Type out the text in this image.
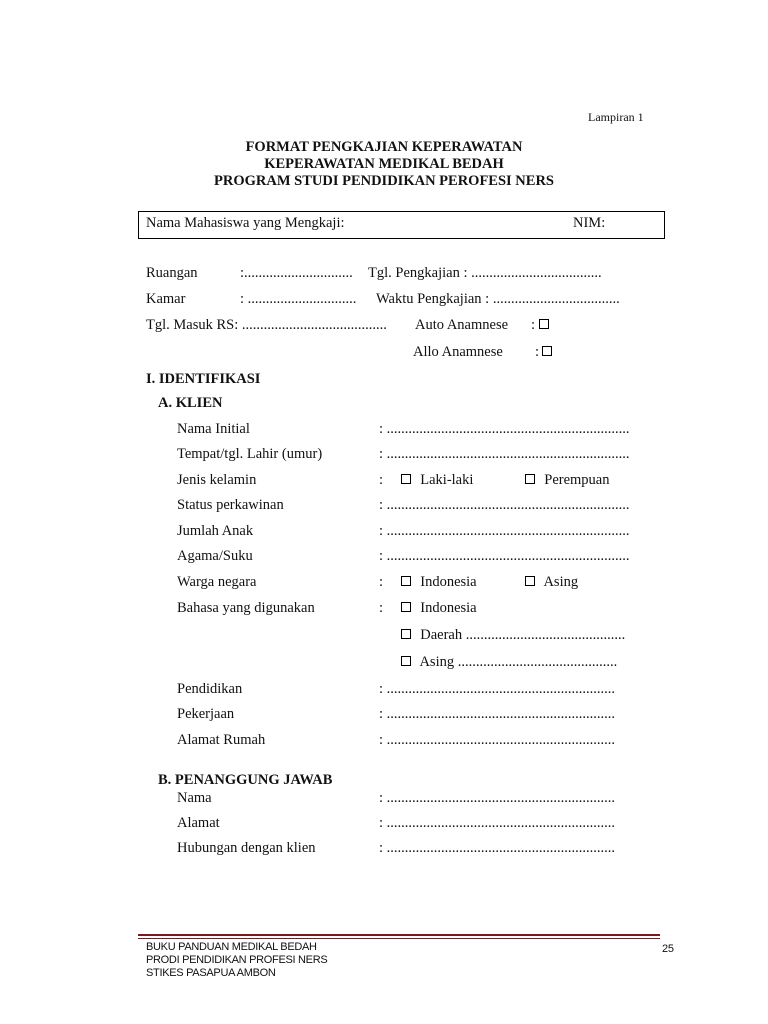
Lampiran 1
FORMAT PENGKAJIAN KEPERAWATAN
KEPERAWATAN MEDIKAL BEDAH
PROGRAM STUDI PENDIDIKAN PEROFESI NERS
Nama Mahasiswa yang Mengkaji:	NIM:
Ruangan	:.............................. Tgl. Pengkajian : ....................................
Kamar	: .............................. Waktu Pengkajian : ...................................
Tgl. Masuk RS: ........................................ Auto Anamnese :
Allo Anamnese :
I. IDENTIFIKASI
A. KLIEN
Nama Initial	: ...................................................................
Tempat/tgl. Lahir (umur)	: ...................................................................
Jenis kelamin	:	Laki-laki	Perempuan
Status perkawinan	: ...................................................................
Jumlah Anak	: ...................................................................
Agama/Suku	: ...................................................................
Warga negara	:	Indonesia	Asing
Bahasa yang digunakan	:	Indonesia
Daerah ............................................
Asing ............................................
Pendidikan	: ...............................................................
Pekerjaan	: ...............................................................
Alamat Rumah	: ...............................................................
B. PENANGGUNG JAWAB
Nama	: ...............................................................
Alamat	: ...............................................................
Hubungan dengan klien	: ...............................................................
BUKU PANDUAN MEDIKAL BEDAH
PRODI PENDIDIKAN PROFESI NERS
STIKES PASAPUA AMBON
25
